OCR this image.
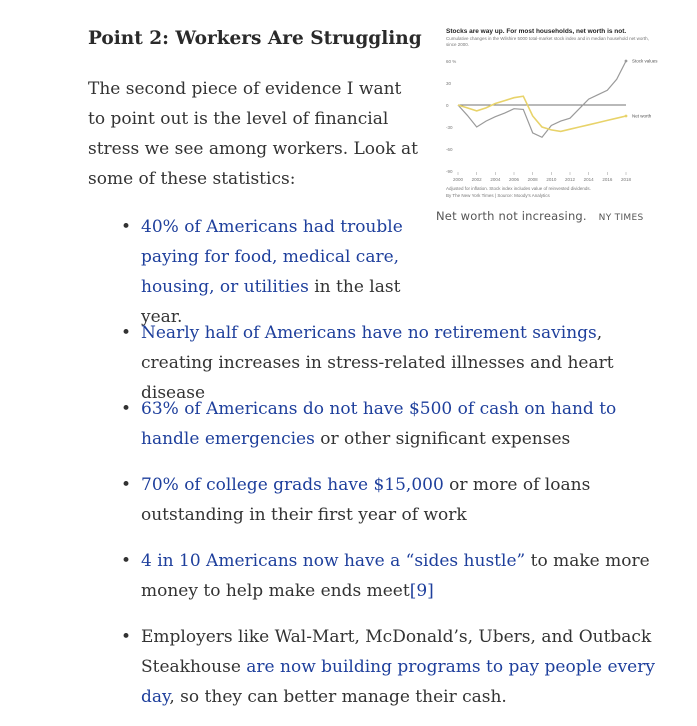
Point 2: Workers Are Struggling

The second piece of evidence I want to point out is the level of financial stress we see among workers. Look at some of these statistics:

Stocks are way up. For most households, net worth is not.

Cumulative changes in the Wilshire 5000 total-market stock index and in median household net worth, since 2000.

60 %
30
0
-30
-60
-90
2000 2002 2004 2006 2008 2010 2012 2014 2016 2018
Stock values
Net worth
Adjusted for inflation. Stock index includes value of reinvested dividends.
By The New York Times | Source: Moody's Analytics
Net worth not increasing. NY TIMES
• 40% of Americans had trouble paying for food, medical care, housing, or utilities in the last year.
• Nearly half of Americans have no retirement savings, creating increases in stress-related illnesses and heart disease
• 63% of Americans do not have $500 of cash on hand to handle emergencies or other significant expenses
• 70% of college grads have $15,000 or more of loans outstanding in their first year of work
• 4 in 10 Americans now have a “sides hustle” to make more money to help make ends meet[9]
• Employers like Wal-Mart, McDonald’s, Ubers, and Outback Steakhouse are now building programs to pay people every day, so they can better manage their cash.
